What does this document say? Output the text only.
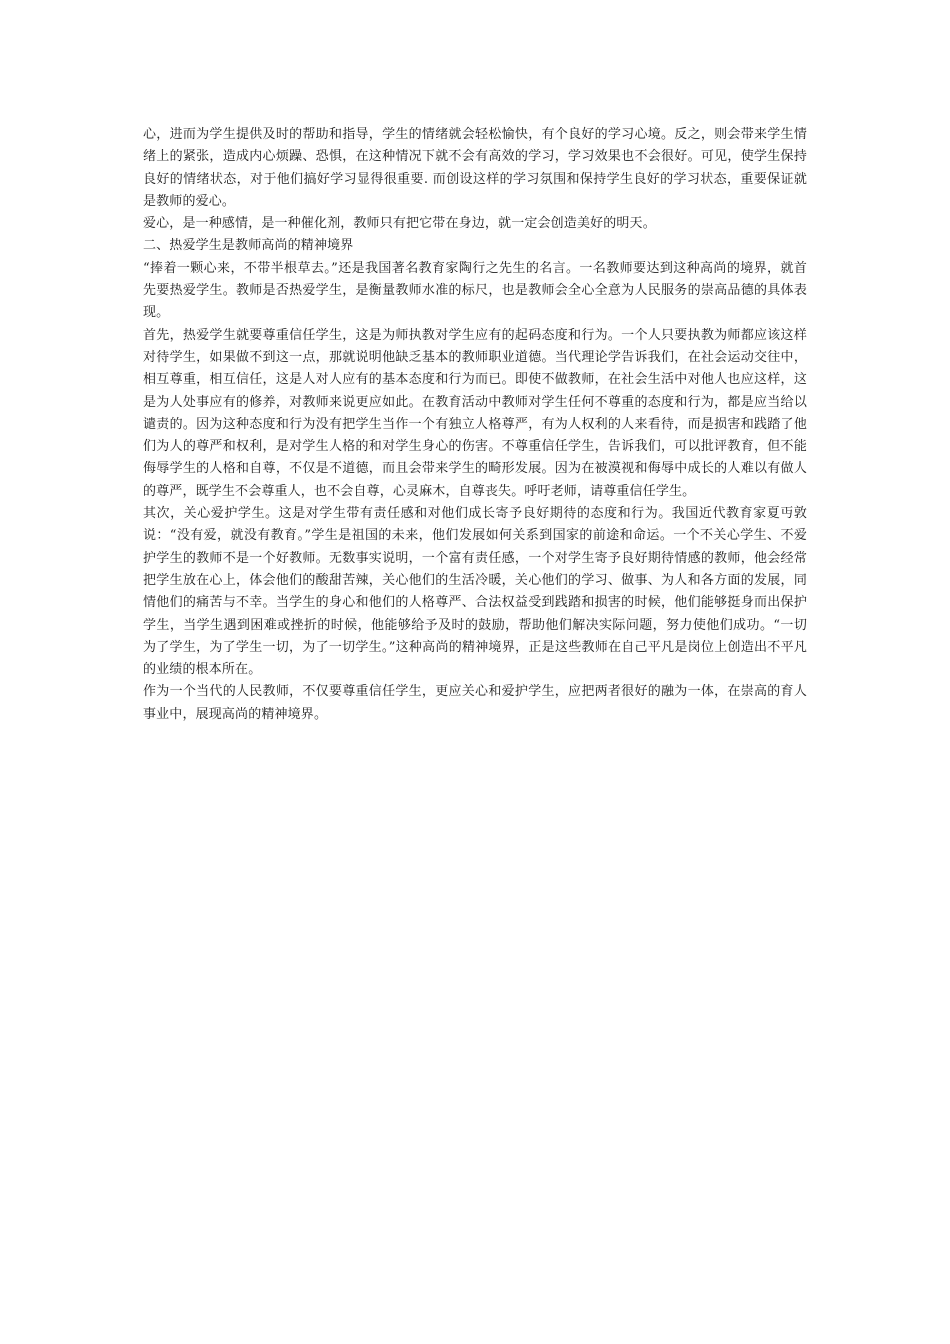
心，进而为学生提供及时的帮助和指导，学生的情绪就会轻松愉快，有个良好的学习心境。反之，则会带来学生情绪上的紧张，造成内心烦躁、恐惧，在这种情况下就不会有高效的学习，学习效果也不会很好。可见，使学生保持良好的情绪状态，对于他们搞好学习显得很重要. 而创设这样的学习氛围和保持学生良好的学习状态，重要保证就是教师的爱心。

爱心，是一种感情，是一种催化剂，教师只有把它带在身边，就一定会创造美好的明天。

二、热爱学生是教师高尚的精神境界

“捧着一颗心来，不带半根草去。”还是我国著名教育家陶行之先生的名言。一名教师要达到这种高尚的境界，就首先要热爱学生。教师是否热爱学生，是衡量教师水准的标尺，也是教师会全心全意为人民服务的崇高品德的具体表现。

首先，热爱学生就要尊重信任学生，这是为师执教对学生应有的起码态度和行为。一个人只要执教为师都应该这样对待学生，如果做不到这一点，那就说明他缺乏基本的教师职业道德。当代理论学告诉我们，在社会运动交往中，相互尊重，相互信任，这是人对人应有的基本态度和行为而已。即使不做教师，在社会生活中对他人也应这样，这是为人处事应有的修养，对教师来说更应如此。在教育活动中教师对学生任何不尊重的态度和行为，都是应当给以谴责的。因为这种态度和行为没有把学生当作一个有独立人格尊严，有为人权利的人来看待，而是损害和践踏了他们为人的尊严和权利，是对学生人格的和对学生身心的伤害。不尊重信任学生，告诉我们，可以批评教育，但不能侮辱学生的人格和自尊，不仅是不道德，而且会带来学生的畸形发展。因为在被漠视和侮辱中成长的人难以有做人的尊严，既学生不会尊重人，也不会自尊，心灵麻木，自尊丧失。呼吁老师，请尊重信任学生。

其次，关心爱护学生。这是对学生带有责任感和对他们成长寄予良好期待的态度和行为。我国近代教育家夏丏敦说：“没有爱，就没有教育。”学生是祖国的未来，他们发展如何关系到国家的前途和命运。一个不关心学生、不爱护学生的教师不是一个好教师。无数事实说明，一个富有责任感，一个对学生寄予良好期待情感的教师，他会经常把学生放在心上，体会他们的酸甜苦辣，关心他们的生活冷暖，关心他们的学习、做事、为人和各方面的发展，同情他们的痛苦与不幸。当学生的身心和他们的人格尊严、合法权益受到践踏和损害的时候，他们能够挺身而出保护学生，当学生遇到困难或挫折的时候，他能够给予及时的鼓励，帮助他们解决实际问题，努力使他们成功。“一切为了学生，为了学生一切，为了一切学生。”这种高尚的精神境界，正是这些教师在自己平凡是岗位上创造出不平凡的业绩的根本所在。

作为一个当代的人民教师，不仅要尊重信任学生，更应关心和爱护学生，应把两者很好的融为一体，在崇高的育人事业中，展现高尚的精神境界。
